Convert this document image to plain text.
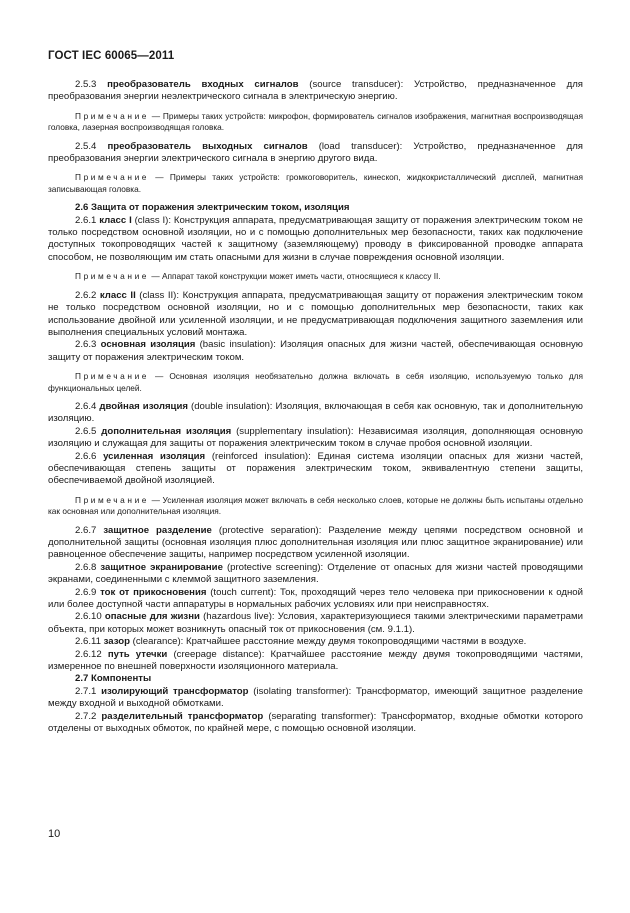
ГОСТ IEC 60065—2011

2.5.3 преобразователь входных сигналов (source transducer): Устройство, предназначенное для преобразования энергии неэлектрического сигнала в электрическую энергию.

Примечание — Примеры таких устройств: микрофон, формирователь сигналов изображения, магнитная воспроизводящая головка, лазерная воспроизводящая головка.

2.5.4 преобразователь выходных сигналов (load transducer): Устройство, предназначенное для преобразования энергии электрического сигнала в энергию другого вида.

Примечание — Примеры таких устройств: громкоговоритель, кинескоп, жидкокристаллический дисплей, магнитная записывающая головка.

2.6 Защита от поражения электрическим током, изоляция

2.6.1 класс I (class I): Конструкция аппарата, предусматривающая защиту от поражения электрическим током не только посредством основной изоляции, но и с помощью дополнительных мер безопасности, таких как подключение доступных токопроводящих частей к защитному (заземляющему) проводу в фиксированной проводке аппарата способом, не позволяющим им стать опасными для жизни в случае повреждения основной изоляции.

Примечание — Аппарат такой конструкции может иметь части, относящиеся к классу II.

2.6.2 класс II (class II): Конструкция аппарата, предусматривающая защиту от поражения электрическим током не только посредством основной изоляции, но и с помощью дополнительных мер безопасности, таких как использование двойной или усиленной изоляции, и не предусматривающая подключения защитного заземления или выполнения специальных условий монтажа.

2.6.3 основная изоляция (basic insulation): Изоляция опасных для жизни частей, обеспечивающая основную защиту от поражения электрическим током.

Примечание — Основная изоляция необязательно должна включать в себя изоляцию, используемую только для функциональных целей.

2.6.4 двойная изоляция (double insulation): Изоляция, включающая в себя как основную, так и дополнительную изоляцию.

2.6.5 дополнительная изоляция (supplementary insulation): Независимая изоляция, дополняющая основную изоляцию и служащая для защиты от поражения электрическим током в случае пробоя основной изоляции.

2.6.6 усиленная изоляция (reinforced insulation): Единая система изоляции опасных для жизни частей, обеспечивающая степень защиты от поражения электрическим током, эквивалентную степени защиты, обеспечиваемой двойной изоляцией.

Примечание — Усиленная изоляция может включать в себя несколько слоев, которые не должны быть испытаны отдельно как основная или дополнительная изоляция.

2.6.7 защитное разделение (protective separation): Разделение между цепями посредством основной и дополнительной защиты (основная изоляция плюс дополнительная изоляция или плюс защитное экранирование) или равноценное обеспечение защиты, например посредством усиленной изоляции.

2.6.8 защитное экранирование (protective screening): Отделение от опасных для жизни частей проводящими экранами, соединенными с клеммой защитного заземления.

2.6.9 ток от прикосновения (touch current): Ток, проходящий через тело человека при прикосновении к одной или более доступной части аппаратуры в нормальных рабочих условиях или при неисправностях.

2.6.10 опасные для жизни (hazardous live): Условия, характеризующиеся такими электрическими параметрами объекта, при которых может возникнуть опасный ток от прикосновения (см. 9.1.1).

2.6.11 зазор (clearance): Кратчайшее расстояние между двумя токопроводящими частями в воздухе.

2.6.12 путь утечки (creepage distance): Кратчайшее расстояние между двумя токопроводящими частями, измеренное по внешней поверхности изоляционного материала.

2.7 Компоненты

2.7.1 изолирующий трансформатор (isolating transformer): Трансформатор, имеющий защитное разделение между входной и выходной обмотками.

2.7.2 разделительный трансформатор (separating transformer): Трансформатор, входные обмотки которого отделены от выходных обмоток, по крайней мере, с помощью основной изоляции.

10
